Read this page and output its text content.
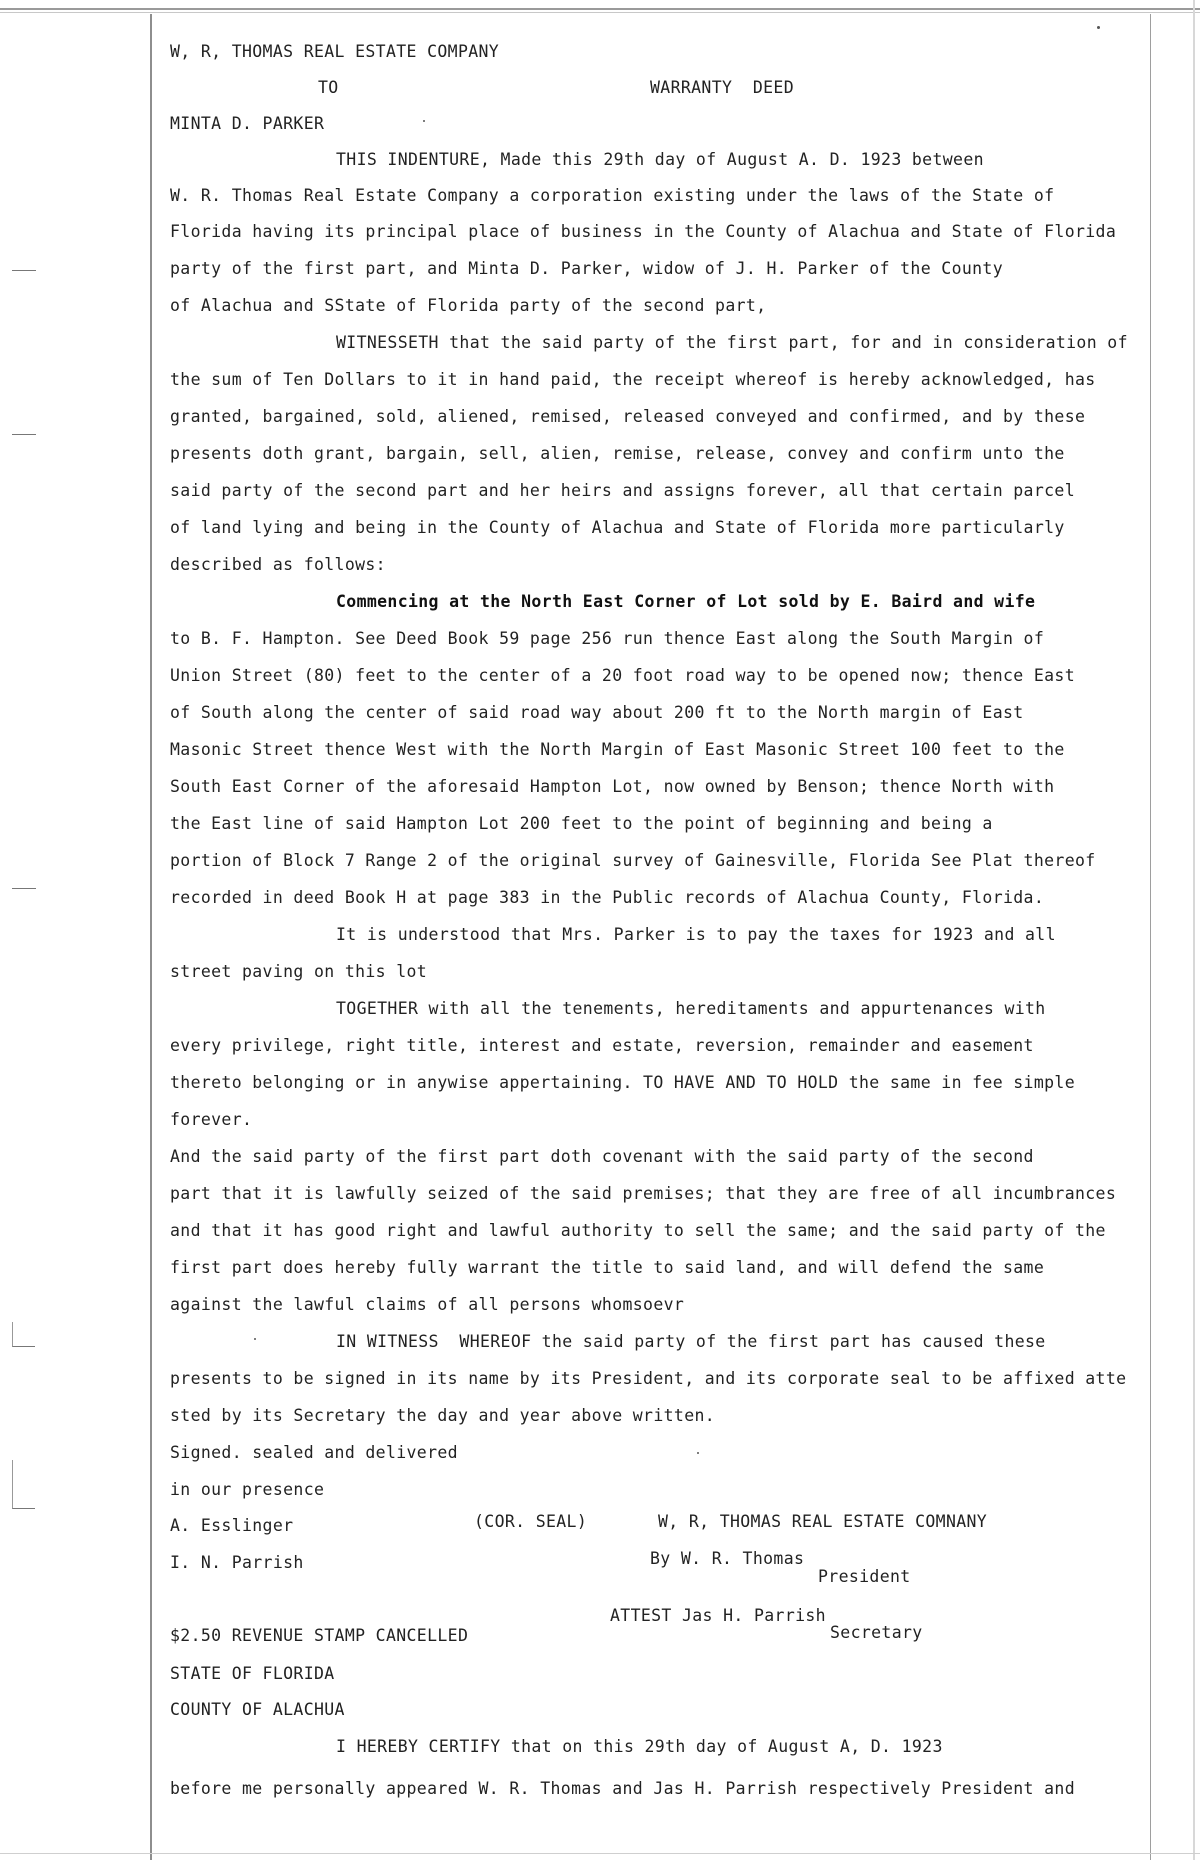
W, R, THOMAS REAL ESTATE COMPANY
TO	WARRANTY  DEED
MINTA D. PARKER
THIS INDENTURE, Made this 29th day of August A. D. 1923 between
W. R. Thomas Real Estate Company a corporation existing under the laws of the State of
Florida having its principal place of business in the County of Alachua and State of Florida
party of the first part, and Minta D. Parker, widow of J. H. Parker of the County
of Alachua and SState of Florida party of the second part,
WITNESSETH that the said party of the first part, for and in consideration of
the sum of Ten Dollars to it in hand paid, the receipt whereof is hereby acknowledged, has
granted, bargained, sold, aliened, remised, released conveyed and confirmed, and by these
presents doth grant, bargain, sell, alien, remise, release, convey and confirm unto the
said party of the second part and her heirs and assigns forever, all that certain parcel
of land lying and being in the County of Alachua and State of Florida more particularly
described as follows:
Commencing at the North East Corner of Lot sold by E. Baird and wife
to B. F. Hampton. See Deed Book 59 page 256 run thence East along the South Margin of
Union Street (80) feet to the center of a 20 foot road way to be opened now; thence East
of South along the center of said road way about 200 ft to the North margin of East
Masonic Street thence West with the North Margin of East Masonic Street 100 feet to the
South East Corner of the aforesaid Hampton Lot, now owned by Benson; thence North with
the East line of said Hampton Lot 200 feet to the point of beginning and being a
portion of Block 7 Range 2 of the original survey of Gainesville, Florida See Plat thereof
recorded in deed Book H at page 383 in the Public records of Alachua County, Florida.
It is understood that Mrs. Parker is to pay the taxes for 1923 and all
street paving on this lot
TOGETHER with all the tenements, hereditaments and appurtenances with
every privilege, right title, interest and estate, reversion, remainder and easement
thereto belonging or in anywise appertaining. TO HAVE AND TO HOLD the same in fee simple
forever.
And the said party of the first part doth covenant with the said party of the second
part that it is lawfully seized of the said premises; that they are free of all incumbrances
and that it has good right and lawful authority to sell the same; and the said party of the
first part does hereby fully warrant the title to said land, and will defend the same
against the lawful claims of all persons whomsoevr
IN WITNESS  WHEREOF the said party of the first part has caused these
presents to be signed in its name by its President, and its corporate seal to be affixed atte
sted by its Secretary the day and year above written.
Signed. sealed and delivered
in our presence
A. Esslinger	(COR. SEAL)	W, R, THOMAS REAL ESTATE COMNANY
I. N. Parrish	By W. R. Thomas
President
ATTEST Jas H. Parrish
Secretary
$2.50 REVENUE STAMP CANCELLED
STATE OF FLORIDA
COUNTY OF ALACHUA
I HEREBY CERTIFY that on this 29th day of August A, D. 1923
before me personally appeared W. R. Thomas and Jas H. Parrish respectively President and
